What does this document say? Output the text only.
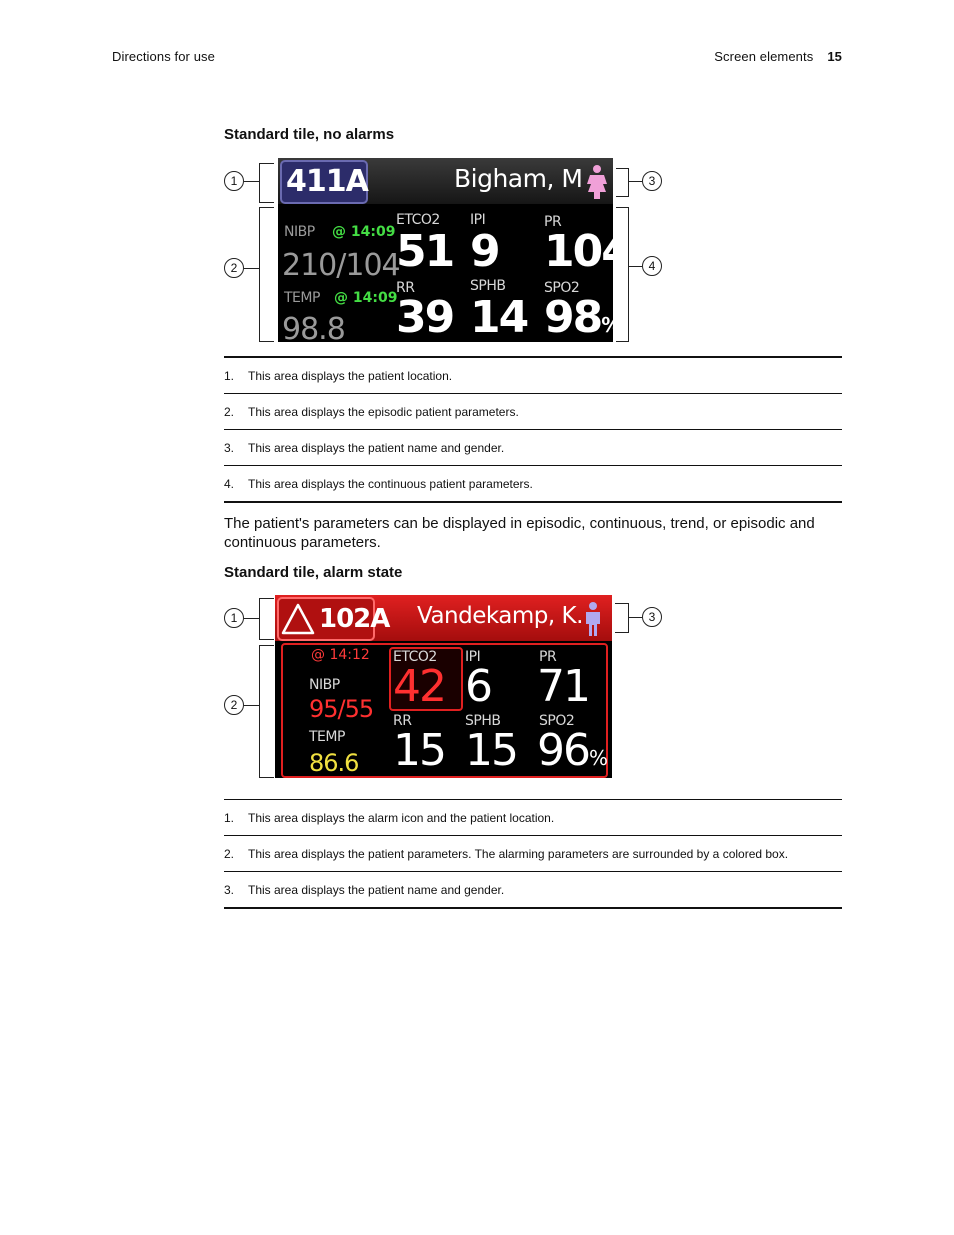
Directions for use	Screen elements 15
Standard tile, no alarms
411A	Bigham, M
NIBP @ 14:09
210/104
TEMP @ 14:09
98.8
ETCO2
51
IPI
9
PR
104
RR
39
SPHB
14
SPO2
98%
1
2
3
4
1.	This area displays the patient location.
2.	This area displays the episodic patient parameters.
3.	This area displays the patient name and gender.
4.	This area displays the continuous patient parameters.
The patient's parameters can be displayed in episodic, continuous, trend, or episodic and continuous parameters.
Standard tile, alarm state
102A Vandekamp, K.
@ 14:12
NIBP
95/55
TEMP
86.6
ETCO2
42
IPI
6
PR
71
RR
15
SPHB
15
SPO2
96%
1
2
3
1.	This area displays the alarm icon and the patient location.
2.	This area displays the patient parameters. The alarming parameters are surrounded by a colored box.
3.	This area displays the patient name and gender.
